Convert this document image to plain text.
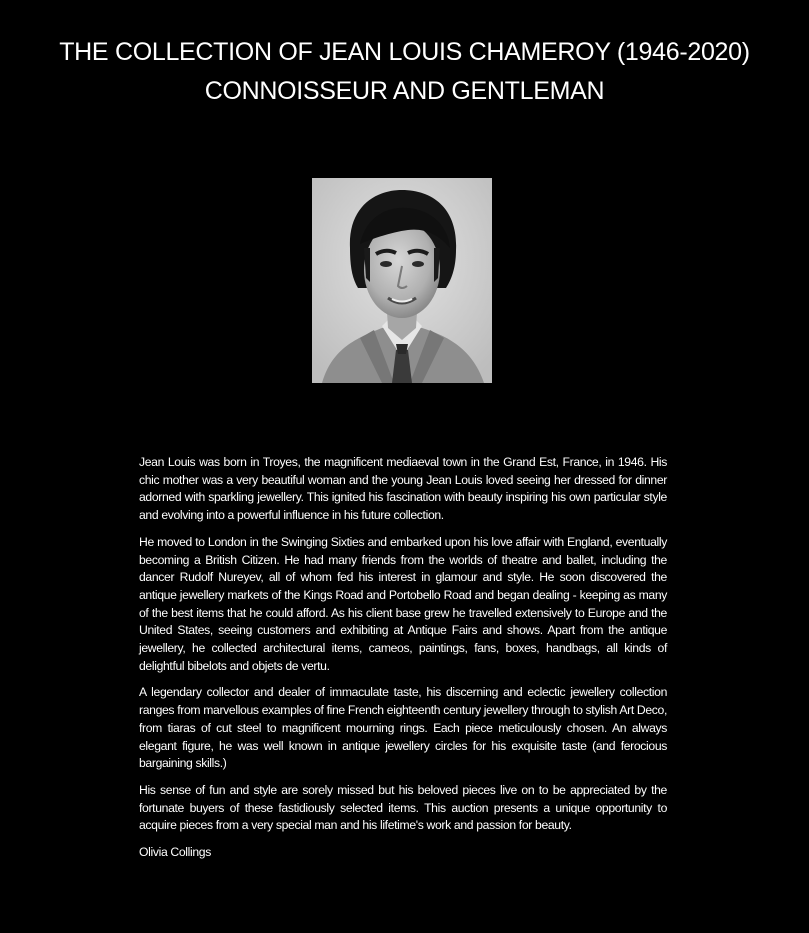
THE COLLECTION OF JEAN LOUIS CHAMEROY (1946-2020)
CONNOISSEUR AND GENTLEMAN

Jean Louis was born in Troyes, the magnificent mediaeval town in the Grand Est, France, in 1946. His chic mother was a very beautiful woman and the young Jean Louis loved seeing her dressed for dinner adorned with sparkling jewellery. This ignited his fascination with beauty inspiring his own particular style and evolving into a powerful influence in his future collection.

He moved to London in the Swinging Sixties and embarked upon his love affair with England, eventually becoming a British Citizen. He had many friends from the worlds of theatre and ballet, including the dancer Rudolf Nureyev, all of whom fed his interest in glamour and style. He soon discovered the antique jewellery markets of the Kings Road and Portobello Road and began dealing - keeping as many of the best items that he could afford. As his client base grew he travelled extensively to Europe and the United States, seeing customers and exhibiting at Antique Fairs and shows. Apart from the antique jewellery, he collected architectural items, cameos, paintings, fans, boxes, handbags, all kinds of delightful bibelots and objets de vertu.

A legendary collector and dealer of immaculate taste, his discerning and eclectic jewellery collection ranges from marvellous examples of fine French eighteenth century jewellery through to stylish Art Deco, from tiaras of cut steel to magnificent mourning rings. Each piece meticulously chosen. An always elegant figure, he was well known in antique jewellery circles for his exquisite taste (and ferocious bargaining skills.)

His sense of fun and style are sorely missed but his beloved pieces live on to be appreciated by the fortunate buyers of these fastidiously selected items. This auction presents a unique opportunity to acquire pieces from a very special man and his lifetime's work and passion for beauty.

Olivia Collings
